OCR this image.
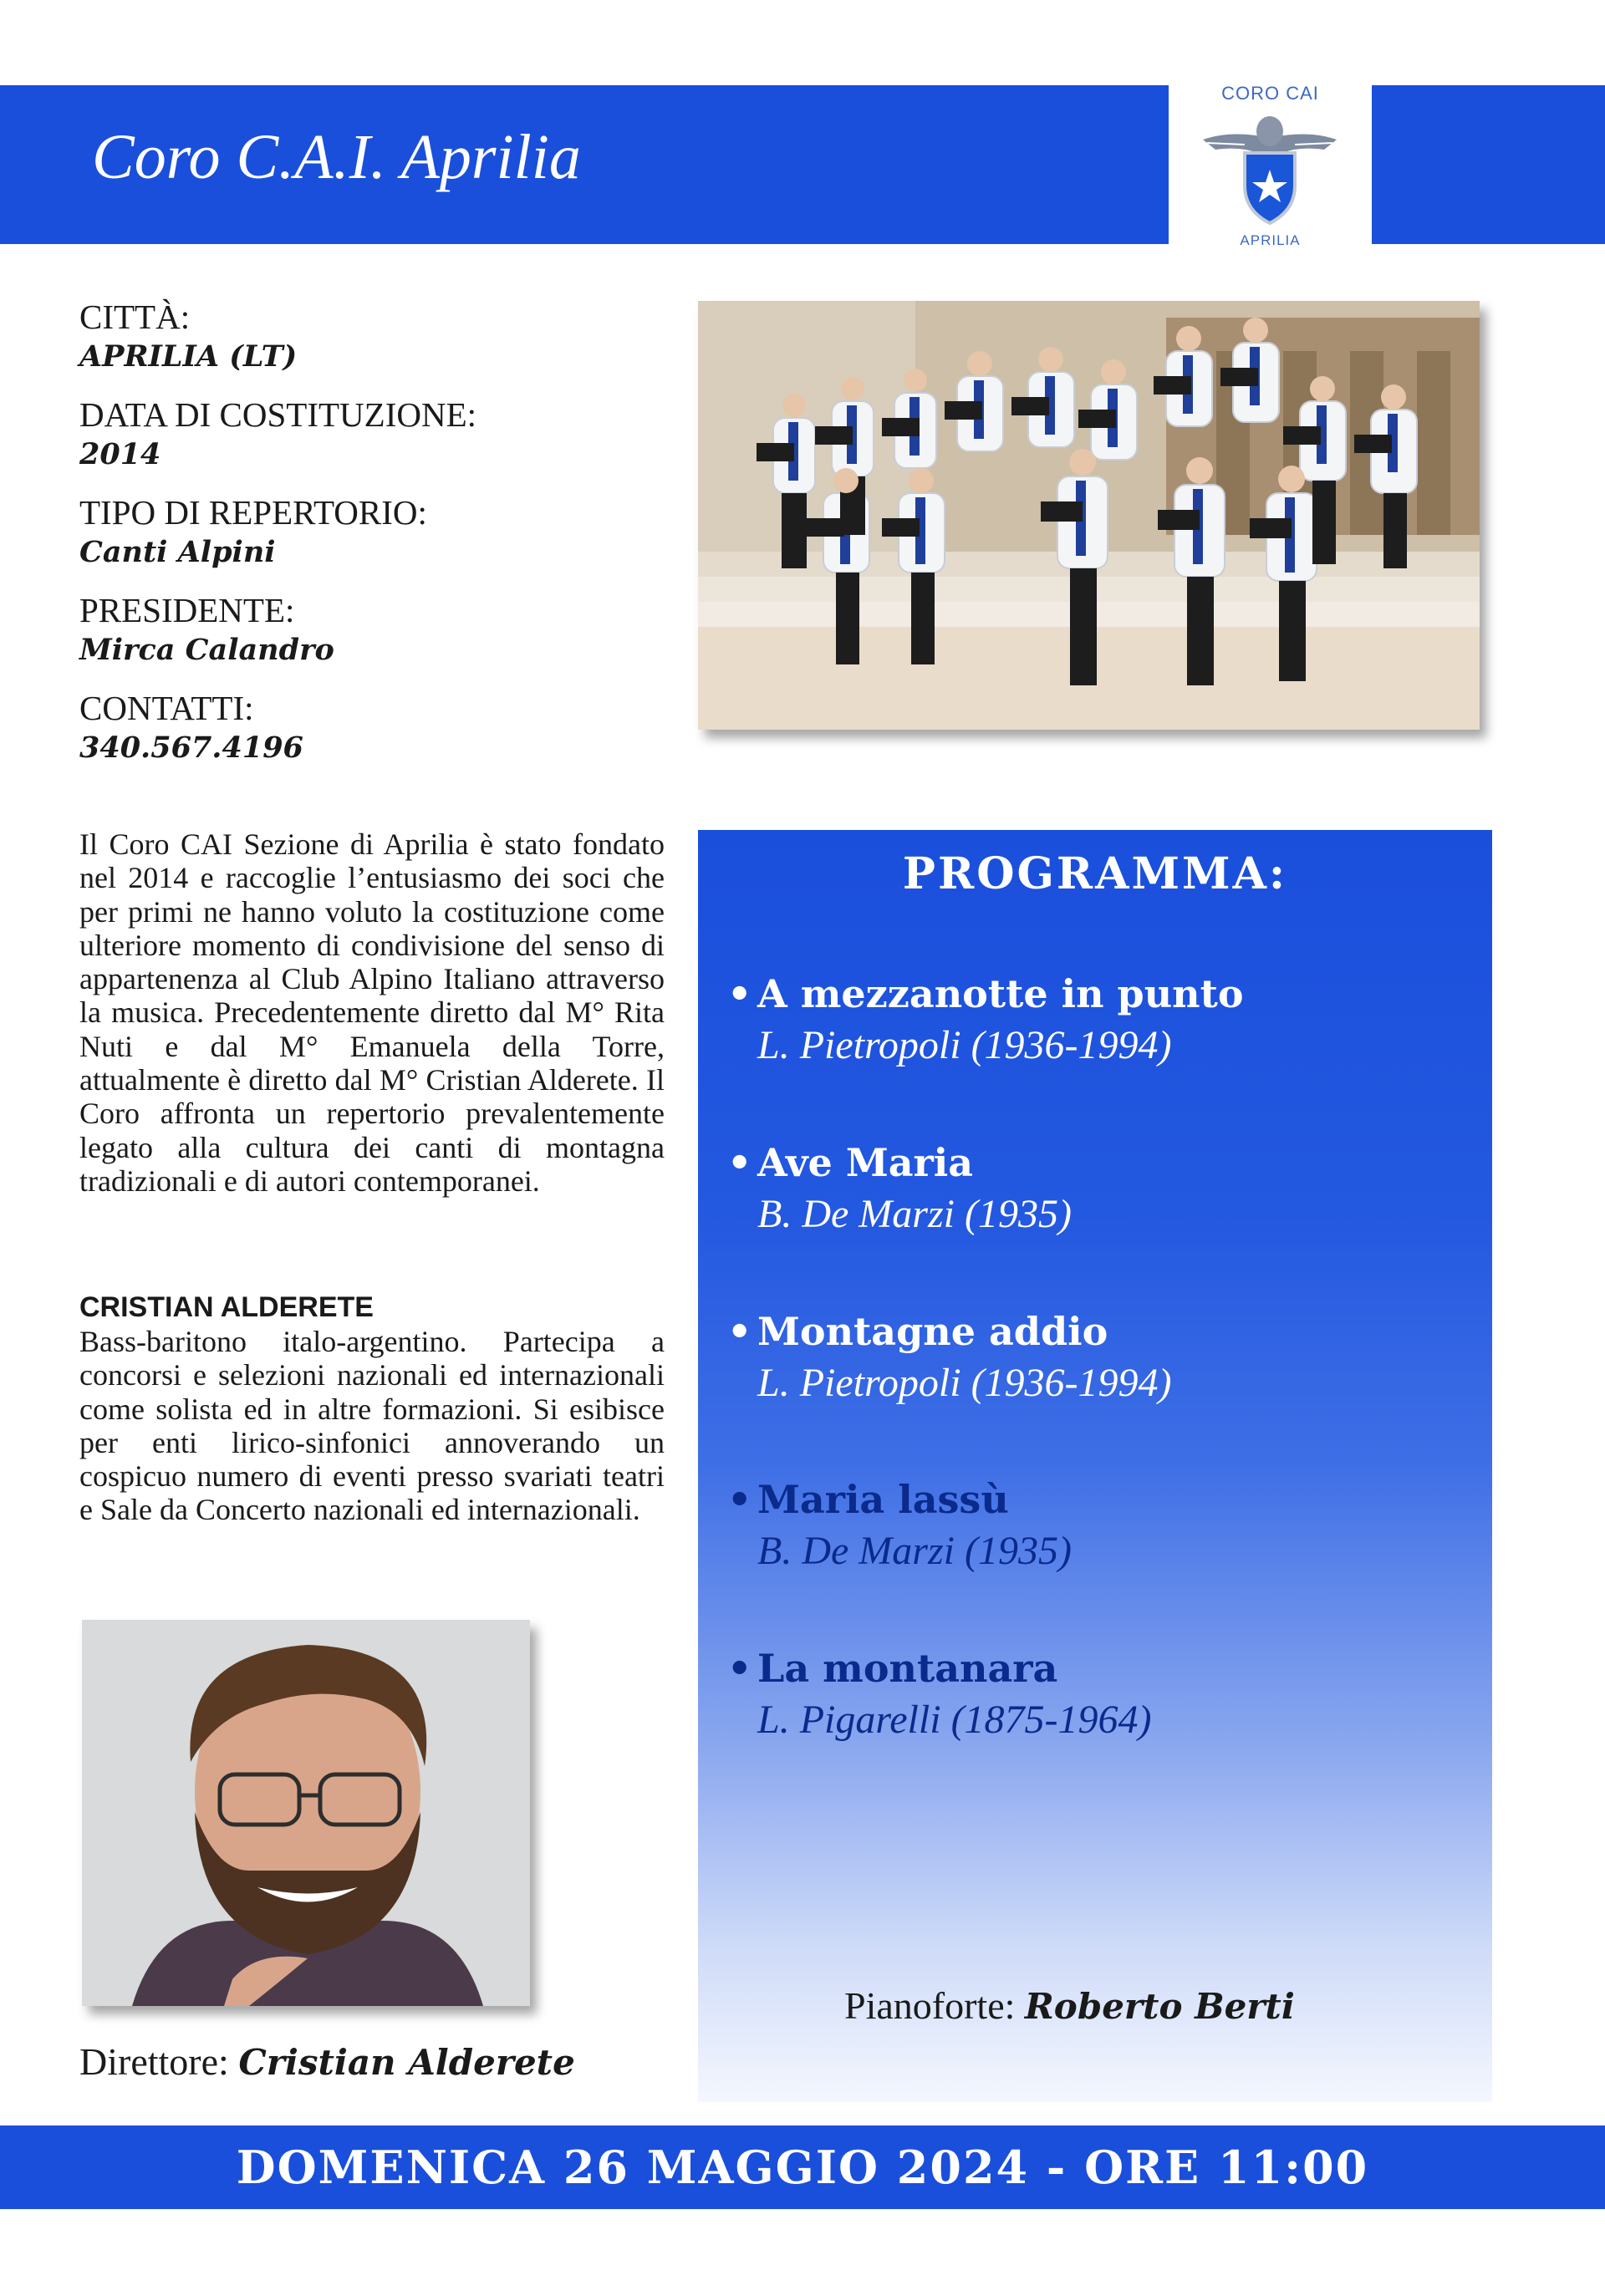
Coro C.A.I. Aprilia
CORO CAI
APRILIA
CITTÀ:
APRILIA (LT)
DATA DI COSTITUZIONE:
2014
TIPO DI REPERTORIO:
Canti Alpini
PRESIDENTE:
Mirca Calandro
CONTATTI:
340.567.4196
Il Coro CAI Sezione di Aprilia è stato fondato nel 2014 e raccoglie l’entusiasmo dei soci che per primi ne hanno voluto la costituzione come ulteriore momento di condivisione del senso di appartenenza al Club Alpino Italiano attraverso la musica. Precedentemente diretto dal M° Rita Nuti e dal M° Emanuela della Torre, attualmente è diretto dal M° Cristian Alderete. Il Coro affronta un repertorio prevalentemente legato alla cultura dei canti di montagna tradizionali e di autori contemporanei.
CRISTIAN ALDERETE
Bass-baritono italo-argentino. Partecipa a concorsi e selezioni nazionali ed internazionali come solista ed in altre formazioni. Si esibisce per enti lirico-sinfonici annoverando un cospicuo numero di eventi presso svariati teatri e Sale da Concerto nazionali ed internazionali.
Direttore: Cristian Alderete
PROGRAMMA:
• A mezzanotte in punto
L. Pietropoli (1936-1994)
• Ave Maria
B. De Marzi (1935)
• Montagne addio
L. Pietropoli (1936-1994)
• Maria lassù
B. De Marzi (1935)
• La montanara
L. Pigarelli (1875-1964)
Pianoforte: Roberto Berti
DOMENICA 26 MAGGIO 2024 - ORE 11:00
